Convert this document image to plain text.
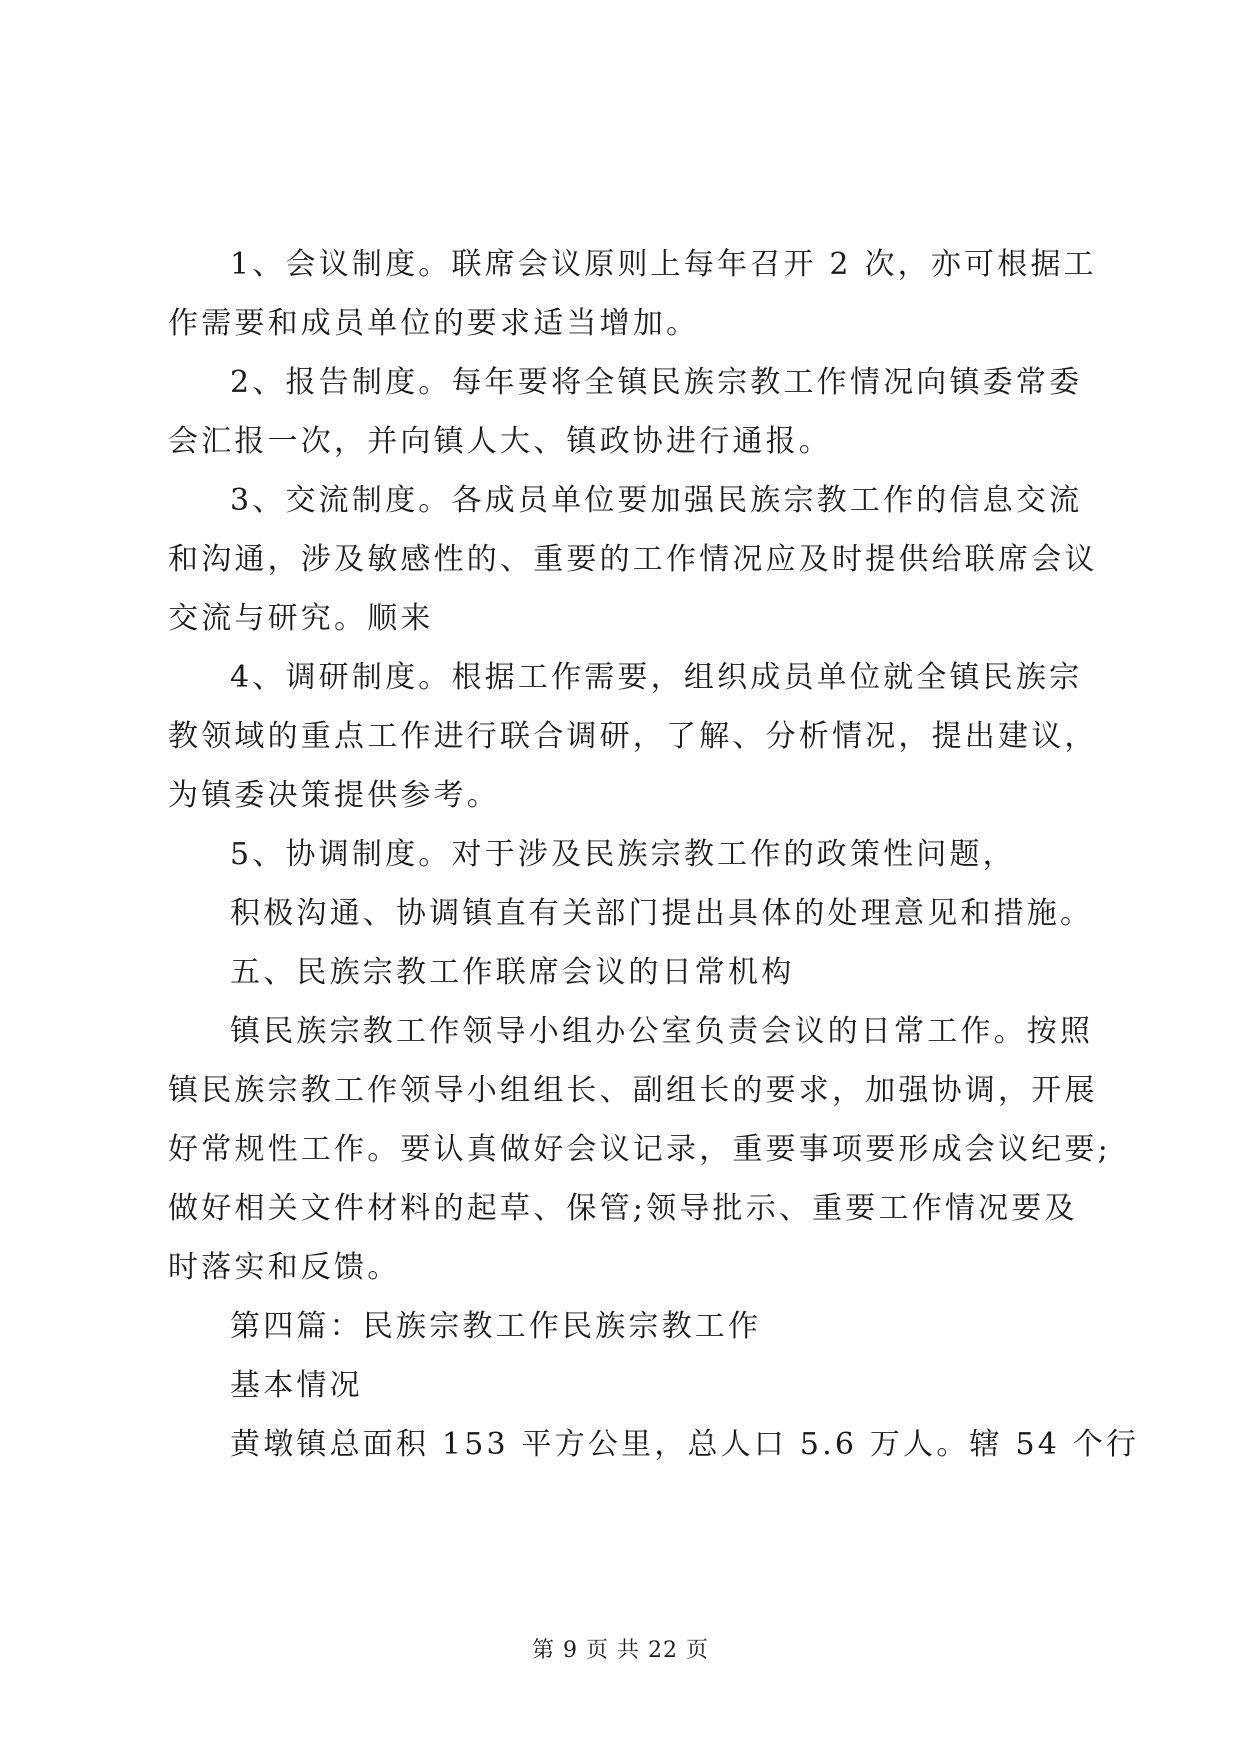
1、会议制度。联席会议原则上每年召开 2 次，亦可根据工
作需要和成员单位的要求适当增加。
2、报告制度。每年要将全镇民族宗教工作情况向镇委常委
会汇报一次，并向镇人大、镇政协进行通报。
3、交流制度。各成员单位要加强民族宗教工作的信息交流
和沟通，涉及敏感性的、重要的工作情况应及时提供给联席会议
交流与研究。顺来
4、调研制度。根据工作需要，组织成员单位就全镇民族宗
教领域的重点工作进行联合调研，了解、分析情况，提出建议，
为镇委决策提供参考。
5、协调制度。对于涉及民族宗教工作的政策性问题，
积极沟通、协调镇直有关部门提出具体的处理意见和措施。
五、民族宗教工作联席会议的日常机构
镇民族宗教工作领导小组办公室负责会议的日常工作。按照
镇民族宗教工作领导小组组长、副组长的要求，加强协调，开展
好常规性工作。要认真做好会议记录，重要事项要形成会议纪要;
做好相关文件材料的起草、保管;领导批示、重要工作情况要及
时落实和反馈。
第四篇：民族宗教工作民族宗教工作
基本情况
黄墩镇总面积 153 平方公里，总人口 5.6 万人。辖 54 个行
第 9 页 共 22 页
